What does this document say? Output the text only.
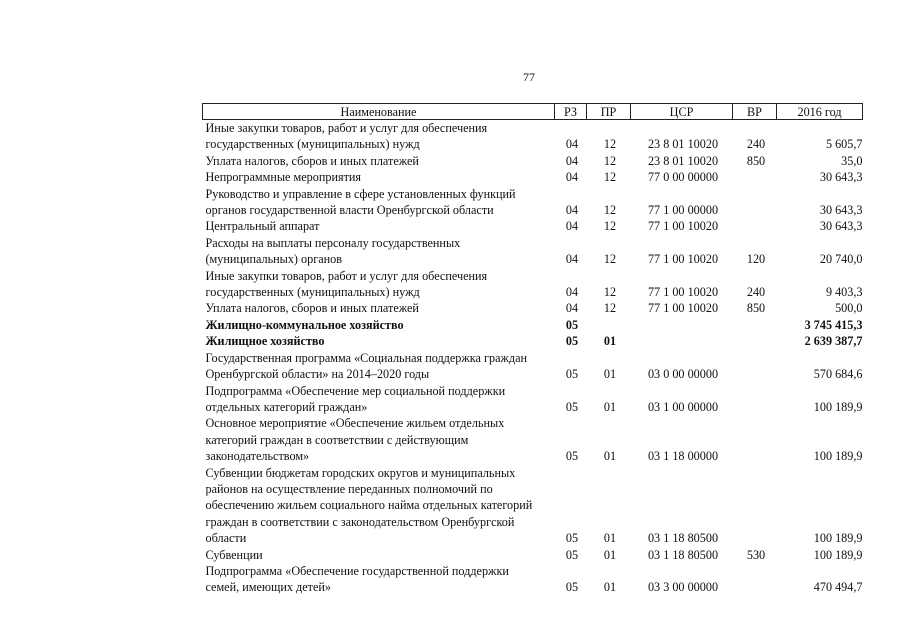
77
Наименование	РЗ	ПР	ЦСР	ВР	2016 год

Иные закупки товаров, работ и услуг для обеспечения
государственных (муниципальных) нужд	04	12	23 8 01 10020	240	5 605,7

Уплата налогов, сборов и иных платежей	04	12	23 8 01 10020	850	35,0

Непрограммные мероприятия	04	12	77 0 00 00000		30 643,3

Руководство и управление в сфере установленных функций
органов государственной власти Оренбургской области	04	12	77 1 00 00000		30 643,3

Центральный аппарат	04	12	77 1 00 10020		30 643,3

Расходы на выплаты персоналу государственных
(муниципальных) органов	04	12	77 1 00 10020	120	20 740,0

Иные закупки товаров, работ и услуг для обеспечения
государственных (муниципальных) нужд	04	12	77 1 00 10020	240	9 403,3

Уплата налогов, сборов и иных платежей	04	12	77 1 00 10020	850	500,0

Жилищно-коммунальное хозяйство	05				3 745 415,3

Жилищное хозяйство	05	01			2 639 387,7

Государственная программа «Социальная поддержка граждан
Оренбургской области» на 2014–2020 годы	05	01	03 0 00 00000		570 684,6

Подпрограмма «Обеспечение мер социальной поддержки
отдельных категорий граждан»	05	01	03 1 00 00000		100 189,9

Основное мероприятие «Обеспечение жильем отдельных
категорий граждан в соответствии с действующим
законодательством»	05	01	03 1 18 00000		100 189,9

Субвенции бюджетам городских округов и муниципальных
районов на осуществление переданных полномочий по
обеспечению жильем социального найма отдельных категорий
граждан в соответствии с законодательством Оренбургской
области	05	01	03 1 18 80500		100 189,9

Субвенции	05	01	03 1 18 80500	530	100 189,9

Подпрограмма «Обеспечение государственной поддержки
семей, имеющих детей»	05	01	03 3 00 00000		470 494,7
